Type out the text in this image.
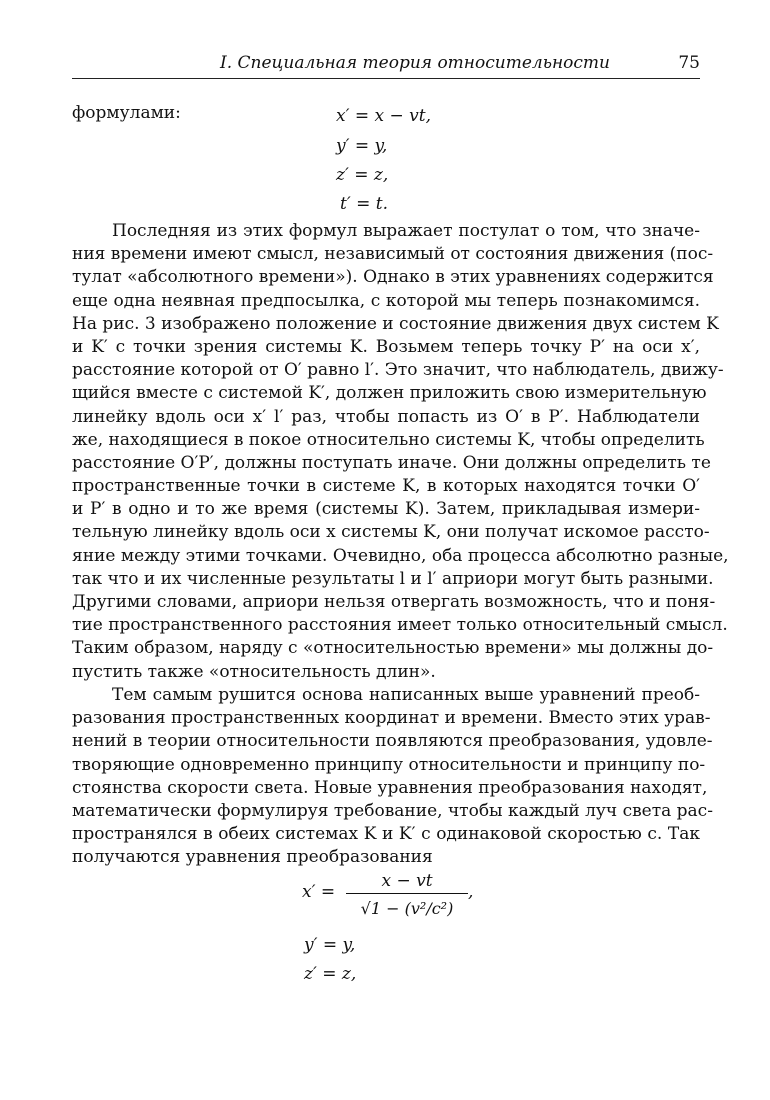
I. Специальная теория относительности	75
формулами:	x′ = x − vt,
y′ = y,
z′ = z,
t′ = t.
Последняя из этих формул выражает постулат о том, что значе-
ния времени имеют смысл, независимый от состояния движения (пос-
тулат «абсолютного времени»). Однако в этих уравнениях содержится
еще одна неявная предпосылка, с которой мы теперь познакомимся.
На рис. 3 изображено положение и состояние движения двух систем K
и K′ с точки зрения системы K. Возьмем теперь точку P′ на оси x′,
расстояние которой от O′ равно l′. Это значит, что наблюдатель, движу-
щийся вместе с системой K′, должен приложить свою измерительную
линейку вдоль оси x′ l′ раз, чтобы попасть из O′ в P′. Наблюдатели
же, находящиеся в покое относительно системы K, чтобы определить
расстояние O′P′, должны поступать иначе. Они должны определить те
пространственные точки в системе K, в которых находятся точки O′
и P′ в одно и то же время (системы K). Затем, прикладывая измери-
тельную линейку вдоль оси x системы K, они получат искомое рассто-
яние между этими точками. Очевидно, оба процесса абсолютно разные,
так что и их численные результаты l и l′ априори могут быть разными.
Другими словами, априори нельзя отвергать возможность, что и поня-
тие пространственного расстояния имеет только относительный смысл.
Таким образом, наряду с «относительностью времени» мы должны до-
пустить также «относительность длин».
Тем самым рушится основа написанных выше уравнений преоб-
разования пространственных координат и времени. Вместо этих урав-
нений в теории относительности появляются преобразования, удовле-
творяющие одновременно принципу относительности и принципу по-
стоянства скорости света. Новые уравнения преобразования находят,
математически формулируя требование, чтобы каждый луч света рас-
пространялся в обеих системах K и K′ с одинаковой скоростью c. Так
получаются уравнения преобразования
x′ =
x − vt
√1 − (v²/c²)
,
y′ = y,
z′ = z,
